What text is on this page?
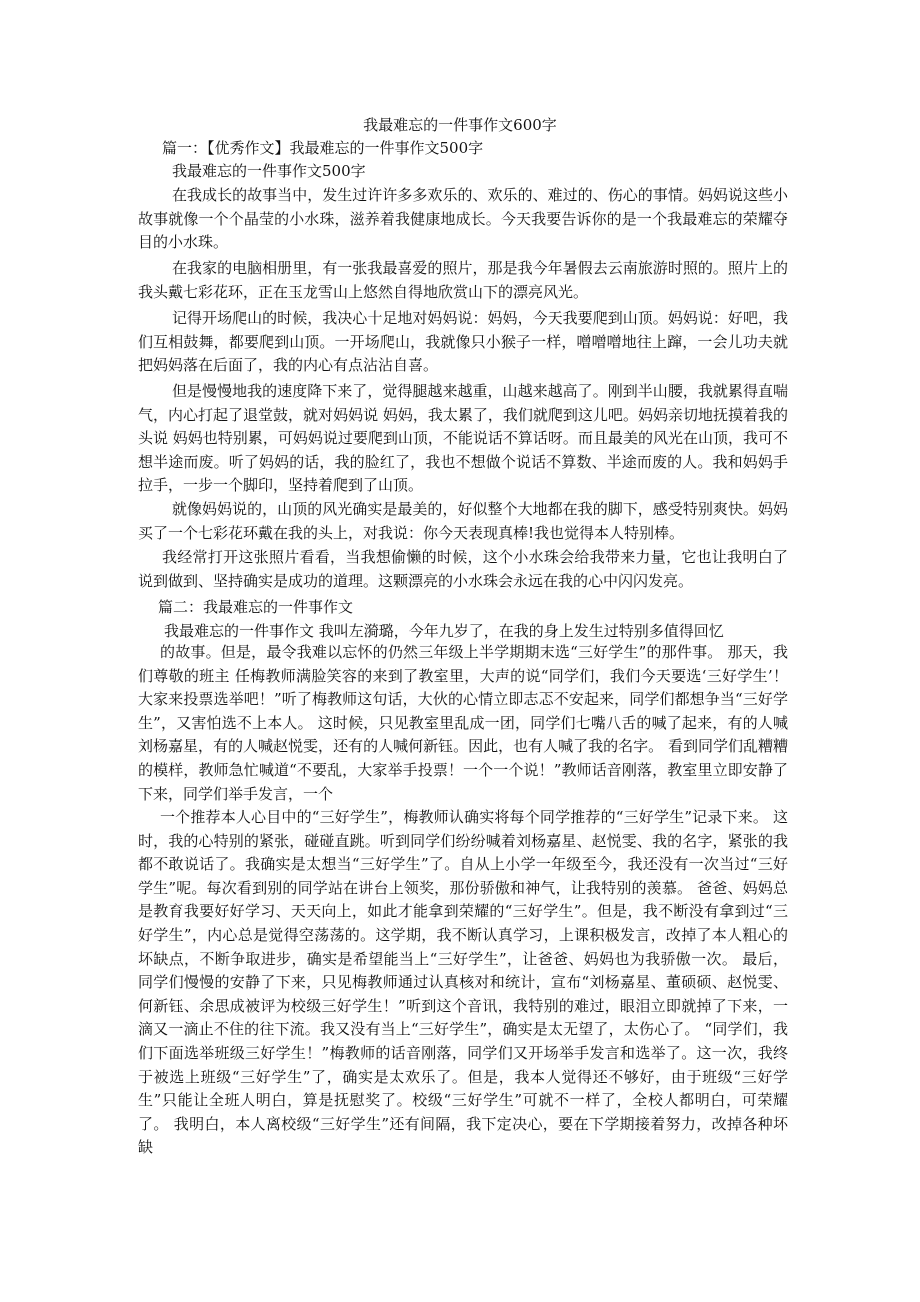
我最难忘的一件事作文600字
篇一：【优秀作文】我最难忘的一件事作文500字
我最难忘的一件事作文500字

在我成长的故事当中，发生过许许多多欢乐的、欢乐的、难过的、伤心的事情。妈妈说这些小故事就像一个个晶莹的小水珠，滋养着我健康地成长。今天我要告诉你的是一个我最难忘的荣耀夺目的小水珠。

在我家的电脑相册里，有一张我最喜爱的照片，那是我今年暑假去云南旅游时照的。照片上的我头戴七彩花环，正在玉龙雪山上悠然自得地欣赏山下的漂亮风光。

记得开场爬山的时候，我决心十足地对妈妈说：妈妈，今天我要爬到山顶。妈妈说：好吧，我们互相鼓舞，都要爬到山顶。一开场爬山，我就像只小猴子一样，噌噌噌地往上蹿，一会儿功夫就把妈妈落在后面了，我的内心有点沾沾自喜。

但是慢慢地我的速度降下来了，觉得腿越来越重，山越来越高了。刚到半山腰，我就累得直喘气，内心打起了退堂鼓，就对妈妈说 妈妈，我太累了，我们就爬到这儿吧。妈妈亲切地抚摸着我的头说 妈妈也特别累，可妈妈说过要爬到山顶，不能说话不算话呀。而且最美的风光在山顶，我可不想半途而废。听了妈妈的话，我的脸红了，我也不想做个说话不算数、半途而废的人。我和妈妈手拉手，一步一个脚印，坚持着爬到了山顶。

就像妈妈说的，山顶的风光确实是最美的，好似整个大地都在我的脚下，感受特别爽快。妈妈买了一个七彩花环戴在我的头上，对我说：你今天表现真棒!我也觉得本人特别棒。

我经常打开这张照片看看，当我想偷懒的时候，这个小水珠会给我带来力量，它也让我明白了说到做到、坚持确实是成功的道理。这颗漂亮的小水珠会永远在我的心中闪闪发亮。

篇二：我最难忘的一件事作文
我最难忘的一件事作文 我叫左漪璐，今年九岁了，在我的身上发生过特别多值得回忆

的故事。但是，最令我难以忘怀的仍然三年级上半学期期末选“三好学生”的那件事。 那天，我们尊敬的班主 任梅教师满脸笑容的来到了教室里，大声的说“同学们，我们今天要选‘三好学生’！大家来投票选举吧！”听了梅教师这句话，大伙的心情立即志忑不安起来，同学们都想争当“三好学生”，又害怕选不上本人。 这时候，只见教室里乱成一团，同学们七嘴八舌的喊了起来，有的人喊刘杨嘉星，有的人喊赵悦雯，还有的人喊何新钰。因此，也有人喊了我的名字。 看到同学们乱糟糟的模样，教师急忙喊道“不要乱，大家举手投票！一个一个说！”教师话音刚落，教室里立即安静了下来，同学们举手发言，一个

一个推荐本人心目中的“三好学生”，梅教师认确实将每个同学推荐的“三好学生”记录下来。 这时，我的心特别的紧张，碰碰直跳。听到同学们纷纷喊着刘杨嘉星、赵悦雯、我的名字，紧张的我都不敢说话了。我确实是太想当“三好学生”了。自从上小学一年级至今，我还没有一次当过“三好学生”呢。每次看到别的同学站在讲台上领奖，那份骄傲和神气，让我特别的羡慕。 爸爸、妈妈总是教育我要好好学习、天天向上，如此才能拿到荣耀的“三好学生”。但是，我不断没有拿到过“三好学生”，内心总是觉得空荡荡的。这学期，我不断认真学习，上课积极发言，改掉了本人粗心的坏缺点，不断争取进步，确实是希望能当上“三好学生”，让爸爸、妈妈也为我骄傲一次。 最后，同学们慢慢的安静了下来，只见梅教师通过认真核对和统计，宣布“刘杨嘉星、董硕硕、赵悦雯、何新钰、余思成被评为校级三好学生！”听到这个音讯，我特别的难过，眼泪立即就掉了下来，一滴又一滴止不住的往下流。我又没有当上“三好学生”，确实是太无望了，太伤心了。 “同学们，我们下面选举班级三好学生！”梅教师的话音刚落，同学们又开场举手发言和选举了。这一次，我终于被选上班级“三好学生”了，确实是太欢乐了。但是，我本人觉得还不够好，由于班级“三好学生”只能让全班人明白，算是抚慰奖了。校级“三好学生”可就不一样了，全校人都明白，可荣耀了。 我明白，本人离校级“三好学生”还有间隔，我下定决心，要在下学期接着努力，改掉各种坏缺
